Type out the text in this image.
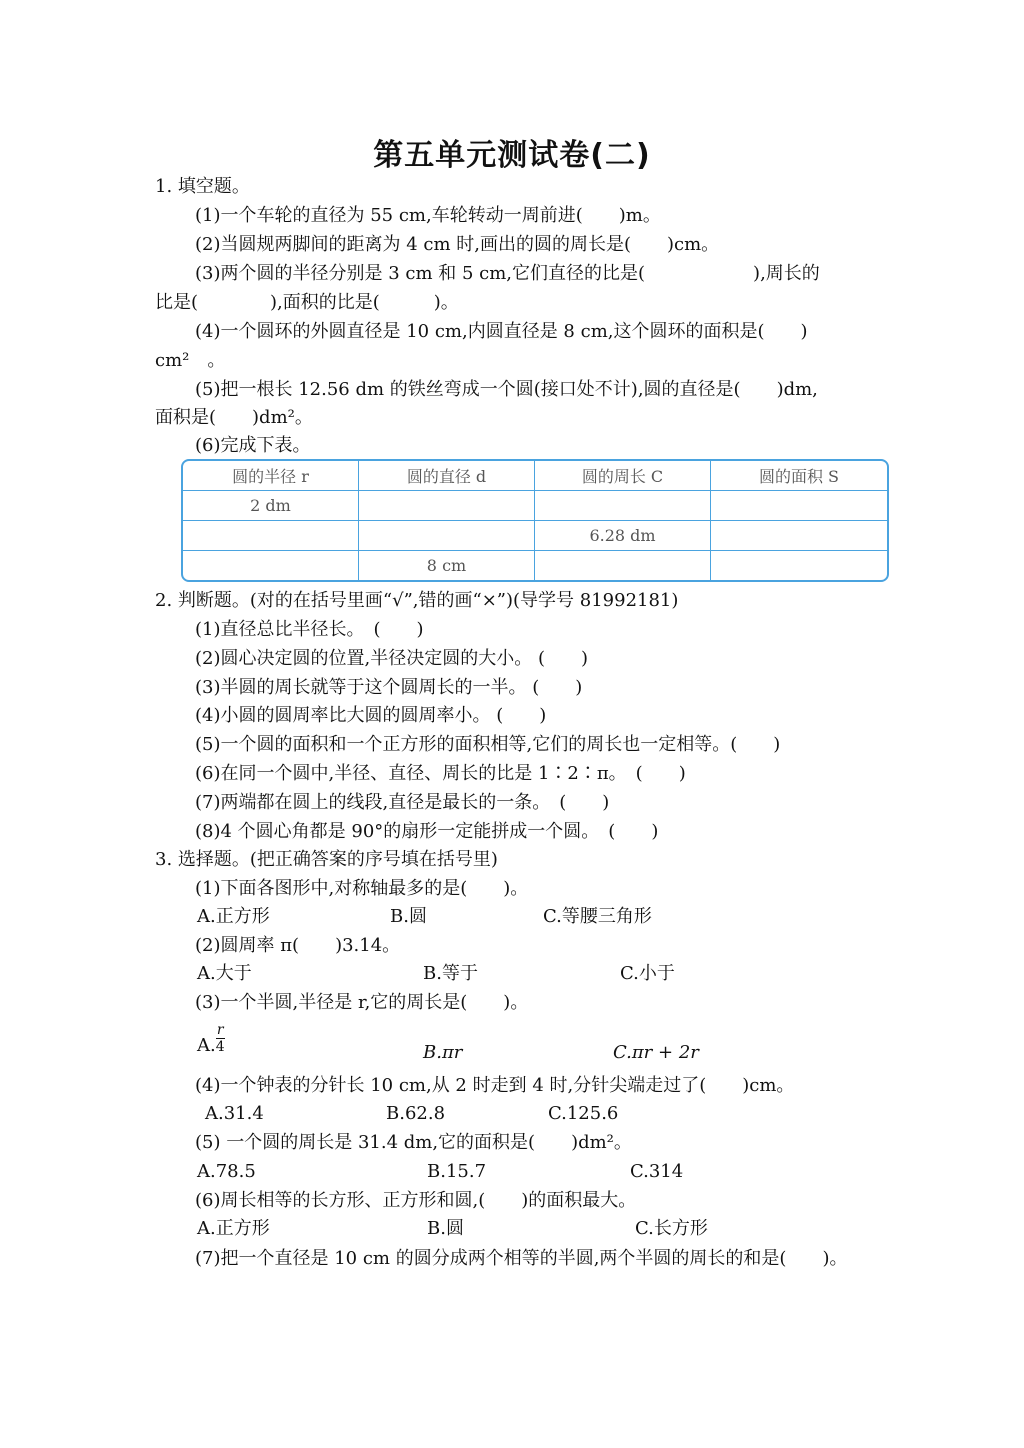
第五单元测试卷(二)
1. 填空题。
(1)一个车轮的直径为 55 cm,车轮转动一周前进(　　)m。
(2)当圆规两脚间的距离为 4 cm 时,画出的圆的周长是(　　)cm。
(3)两个圆的半径分别是 3 cm 和 5 cm,它们直径的比是(　　　　　　),周长的
比是(　　　　),面积的比是(　　　)。
(4)一个圆环的外圆直径是 10 cm,内圆直径是 8 cm,这个圆环的面积是(　　)
cm²　。
(5)把一根长 12.56 dm 的铁丝弯成一个圆(接口处不计),圆的直径是(　　)dm,
面积是(　　)dm²。
(6)完成下表。
圆的半径 r	圆的直径 d	圆的周长 C	圆的面积 S
2 dm			
		6.28 dm	
	8 cm		
2. 判断题。(对的在括号里画“√”,错的画“×”)(导学号 81992181)
(1)直径总比半径长。　(　　)
(2)圆心决定圆的位置,半径决定圆的大小。 (　　)
(3)半圆的周长就等于这个圆周长的一半。 (　　)
(4)小圆的圆周率比大圆的圆周率小。 (　　)
(5)一个圆的面积和一个正方形的面积相等,它们的周长也一定相等。(　　)
(6)在同一个圆中,半径、直径、周长的比是 1∶2∶π。　(　　)
(7)两端都在圆上的线段,直径是最长的一条。　(　　)
(8)4 个圆心角都是 90°的扇形一定能拼成一个圆。　(　　)
3. 选择题。(把正确答案的序号填在括号里)
(1)下面各图形中,对称轴最多的是(　　)。
A.正方形	B.圆	C.等腰三角形
(2)圆周率 π(　　)3.14。
A.大于	B.等于	C.小于
(3)一个半圆,半径是 r,它的周长是(　　)。
$A.\frac{r}{4}$	B.πr	C.πr + 2r
(4)一个钟表的分针长 10 cm,从 2 时走到 4 时,分针尖端走过了(　　)cm。
A.31.4	B.62.8	C.125.6
(5) 一个圆的周长是 31.4 dm,它的面积是(　　)dm²。
A.78.5	B.15.7	C.314
(6)周长相等的长方形、正方形和圆,(　　)的面积最大。
A.正方形	B.圆	C.长方形
(7)把一个直径是 10 cm 的圆分成两个相等的半圆,两个半圆的周长的和是(　　)。
